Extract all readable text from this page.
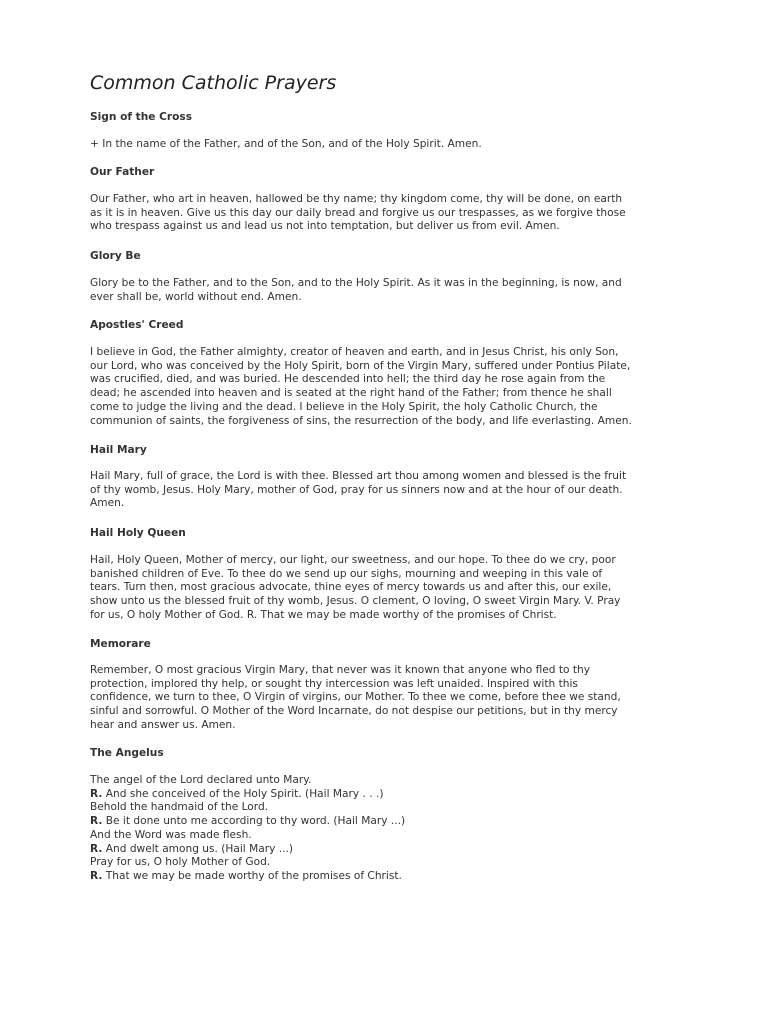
Common Catholic Prayers
Sign of the Cross
+ In the name of the Father, and of the Son, and of the Holy Spirit. Amen.
Our Father
Our Father, who art in heaven, hallowed be thy name; thy kingdom come, thy will be done, on earth
as it is in heaven. Give us this day our daily bread and forgive us our trespasses, as we forgive those
who trespass against us and lead us not into temptation, but deliver us from evil. Amen.
Glory Be
Glory be to the Father, and to the Son, and to the Holy Spirit. As it was in the beginning, is now, and
ever shall be, world without end. Amen.
Apostles' Creed
I believe in God, the Father almighty, creator of heaven and earth, and in Jesus Christ, his only Son,
our Lord, who was conceived by the Holy Spirit, born of the Virgin Mary, suffered under Pontius Pilate,
was crucified, died, and was buried. He descended into hell; the third day he rose again from the
dead; he ascended into heaven and is seated at the right hand of the Father; from thence he shall
come to judge the living and the dead. I believe in the Holy Spirit, the holy Catholic Church, the
communion of saints, the forgiveness of sins, the resurrection of the body, and life everlasting. Amen.
Hail Mary
Hail Mary, full of grace, the Lord is with thee. Blessed art thou among women and blessed is the fruit
of thy womb, Jesus. Holy Mary, mother of God, pray for us sinners now and at the hour of our death.
Amen.
Hail Holy Queen
Hail, Holy Queen, Mother of mercy, our light, our sweetness, and our hope. To thee do we cry, poor
banished children of Eve. To thee do we send up our sighs, mourning and weeping in this vale of
tears. Turn then, most gracious advocate, thine eyes of mercy towards us and after this, our exile,
show unto us the blessed fruit of thy womb, Jesus. O clement, O loving, O sweet Virgin Mary. V. Pray
for us, O holy Mother of God. R. That we may be made worthy of the promises of Christ.
Memorare
Remember, O most gracious Virgin Mary, that never was it known that anyone who fled to thy
protection, implored thy help, or sought thy intercession was left unaided. Inspired with this
confidence, we turn to thee, O Virgin of virgins, our Mother. To thee we come, before thee we stand,
sinful and sorrowful. O Mother of the Word Incarnate, do not despise our petitions, but in thy mercy
hear and answer us. Amen.
The Angelus
The angel of the Lord declared unto Mary.
R. And she conceived of the Holy Spirit. (Hail Mary . . .)
Behold the handmaid of the Lord.
R. Be it done unto me according to thy word. (Hail Mary ...)
And the Word was made flesh.
R. And dwelt among us. (Hail Mary ...)
Pray for us, O holy Mother of God.
R. That we may be made worthy of the promises of Christ.
